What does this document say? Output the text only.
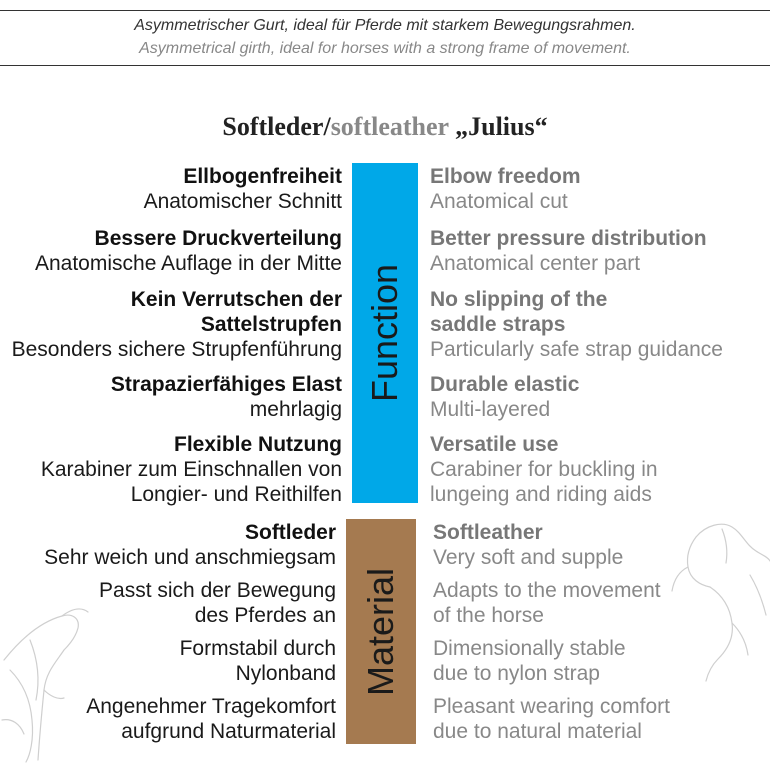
Asymmetrischer Gurt, ideal für Pferde mit starkem Bewegungsrahmen.
Asymmetrical girth, ideal for horses with a strong frame of movement.
Softleder/softleather „Julius“
Function
Material
Ellbogenfreiheit
Anatomischer Schnitt
Bessere Druckverteilung
Anatomische Auflage in der Mitte
Kein Verrutschen der
Sattelstrupfen
Besonders sichere Strupfenführung
Strapazierfähiges Elast
mehrlagig
Flexible Nutzung
Karabiner zum Einschnallen von
Longier- und Reithilfen
Elbow freedom
Anatomical cut
Better pressure distribution
Anatomical center part
No slipping of the
saddle straps
Particularly safe strap guidance
Durable elastic
Multi-layered
Versatile use
Carabiner for buckling in
lungeing and riding aids
Softleder
Sehr weich und anschmiegsam
Passt sich der Bewegung
des Pferdes an
Formstabil durch
Nylonband
Angenehmer Tragekomfort
aufgrund Naturmaterial
Softleather
Very soft and supple
Adapts to the movement
of the horse
Dimensionally stable
due to nylon strap
Pleasant wearing comfort
due to natural material
